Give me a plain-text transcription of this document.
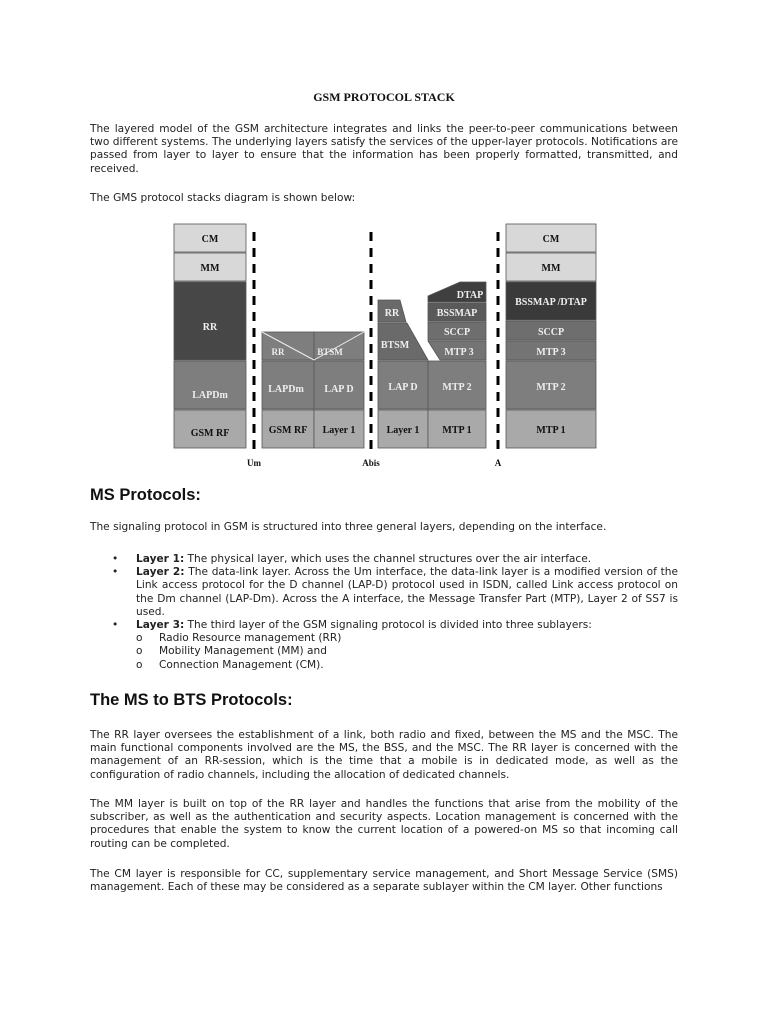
GSM PROTOCOL STACK

The layered model of the GSM architecture integrates and links the peer-to-peer communications between two different systems. The underlying layers satisfy the services of the upper-layer protocols. Notifications are passed from layer to layer to ensure that the information has been properly formatted, transmitted, and received.

The GMS protocol stacks diagram is shown below:

CM
MM
RR
LAPDm
GSM RF
RR	BTSM
LAPDm LAP D
GSM RF Layer 1
RR
BTSM
LAP D
Layer 1
DTAP
BSSMAP
SCCP
MTP 3
MTP 2
MTP 1
CM
MM
BSSMAP /DTAP
SCCP
MTP 3
MTP 2
MTP 1
Um	Abis	A
MS Protocols:

The signaling protocol in GSM is structured into three general layers, depending on the interface.

• Layer 1: The physical layer, which uses the channel structures over the air interface.
• Layer 2: The data-link layer. Across the Um interface, the data-link layer is a modified version of the Link access protocol for the D channel (LAP-D) protocol used in ISDN, called Link access protocol on the Dm channel (LAP-Dm). Across the A interface, the Message Transfer Part (MTP), Layer 2 of SS7 is used.
• Layer 3: The third layer of the GSM signaling protocol is divided into three sublayers:
o Radio Resource management (RR)
o Mobility Management (MM) and
o Connection Management (CM).
The MS to BTS Protocols:

The RR layer oversees the establishment of a link, both radio and fixed, between the MS and the MSC. The main functional components involved are the MS, the BSS, and the MSC. The RR layer is concerned with the management of an RR-session, which is the time that a mobile is in dedicated mode, as well as the configuration of radio channels, including the allocation of dedicated channels.

The MM layer is built on top of the RR layer and handles the functions that arise from the mobility of the subscriber, as well as the authentication and security aspects. Location management is concerned with the procedures that enable the system to know the current location of a powered-on MS so that incoming call routing can be completed.

The CM layer is responsible for CC, supplementary service management, and Short Message Service (SMS) management. Each of these may be considered as a separate sublayer within the CM layer. Other functions
